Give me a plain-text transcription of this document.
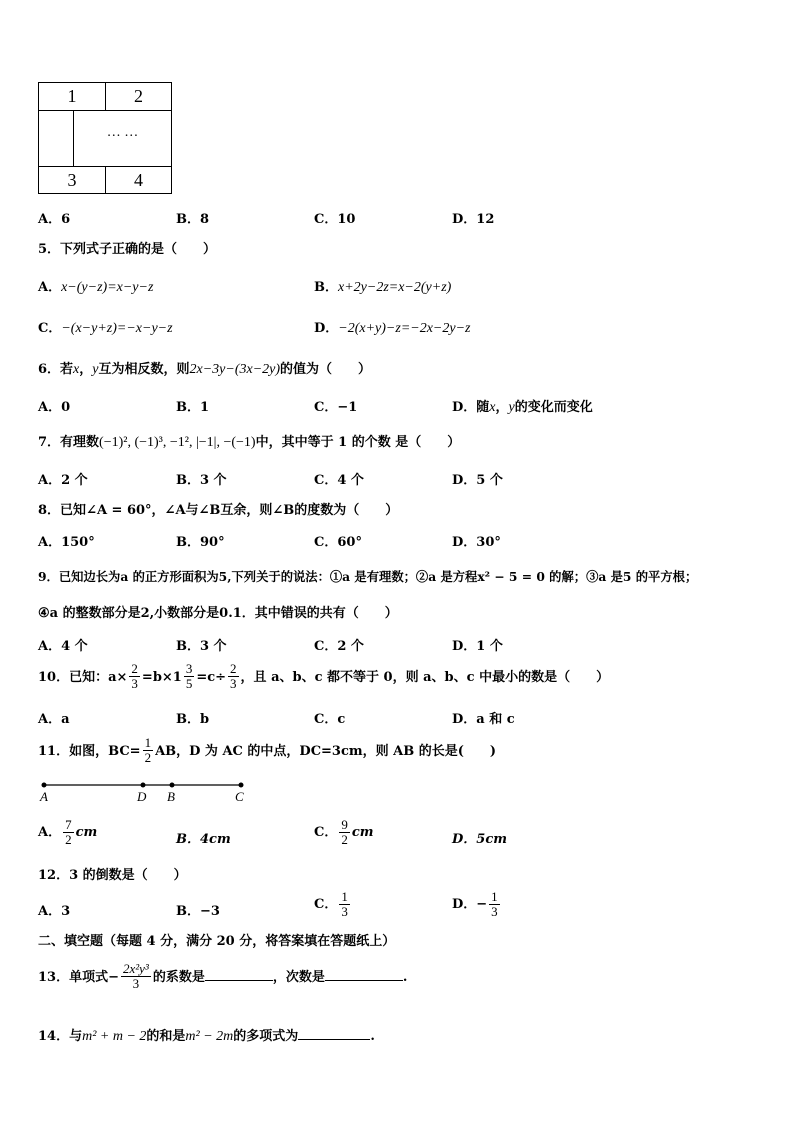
1	2
… …
3	4
A．6	B．8	C．10	D．12
5．下列式子正确的是（　　）
A．x−(y−z)=x−y−z	B．x+2y−2z=x−2(y+z)
C．−(x−y+z)=−x−y−z	D．−2(x+y)−z=−2x−2y−z
6．若x，y互为相反数，则2x−3y−(3x−2y)的值为（　　）
A．0	B．1	C．−1	D．随x，y的变化而变化
7．有理数(−1)², (−1)³, −1², |−1|, −(−1)中，其中等于 1 的个数 是（　　）
A．2 个	B．3 个	C．4 个	D．5 个
8．已知∠A = 60°，∠A与∠B互余，则∠B的度数为（　　）
A．150°	B．90°	C．60°	D．30°
9．已知边长为a 的正方形面积为5,下列关于的说法：①a 是有理数；②a 是方程x² − 5 = 0 的解；③a 是5 的平方根；
④a 的整数部分是2,小数部分是0.1．其中错误的共有（　　）
A．4 个	B．3 个	C．2 个	D．1 个
10．已知：$a\times \frac{2}{3} =b\times 1 \frac{3}{5} =c\div \frac{2}{3}$ ，且 a、b、c 都不等于 0，则 a、b、c 中最小的数是（　　）
A．a	B．b	C．c	D．a 和 c
11．如图，$BC= \frac{1}{2}$ AB，D 为 AC 的中点，DC=3cm，则 AB 的长是(　　)
A	D B	C
A． $\frac{7}{2}$ cm	B．4cm	C． $\frac{9}{2}$ cm	D．5cm
12．3 的倒数是（　　）
A．3	B．−3	C． $\frac{1}{3}$	D．− $\frac{1}{3}$
二、填空题（每题 4 分，满分 20 分，将答案填在答题纸上）
13．单项式− $\frac{\text{2x²y³}}{3}$ 的系数是	，次数是	.
14．与m² + m − 2的和是m² − 2m的多项式为	.
